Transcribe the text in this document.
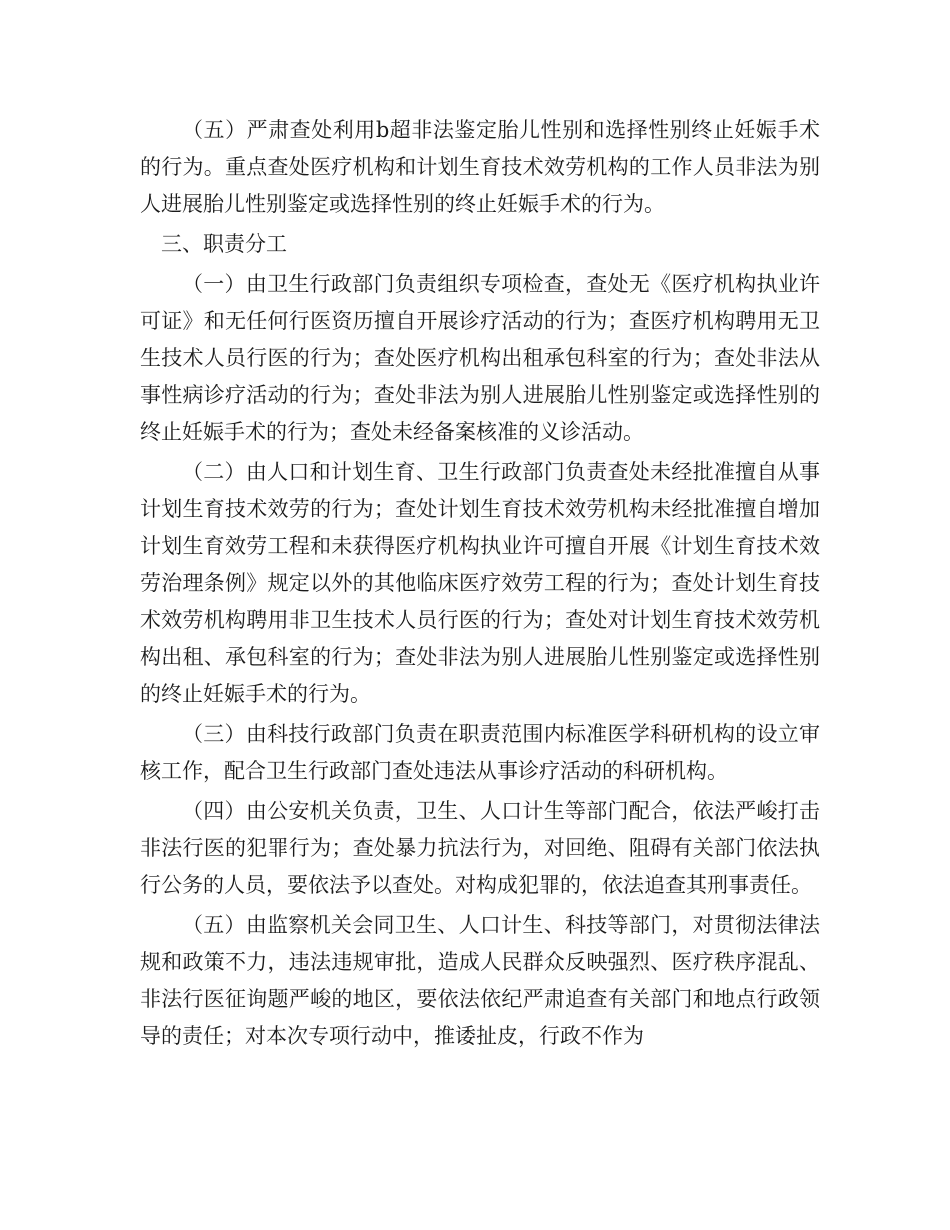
（五）严肃查处利用b超非法鉴定胎儿性别和选择性别终止妊娠手术的行为。重点查处医疗机构和计划生育技术效劳机构的工作人员非法为别人进展胎儿性别鉴定或选择性别的终止妊娠手术的行为。

三、职责分工

（一）由卫生行政部门负责组织专项检查，查处无《医疗机构执业许可证》和无任何行医资历擅自开展诊疗活动的行为；查医疗机构聘用无卫生技术人员行医的行为；查处医疗机构出租承包科室的行为；查处非法从事性病诊疗活动的行为；查处非法为别人进展胎儿性别鉴定或选择性别的终止妊娠手术的行为；查处未经备案核准的义诊活动。

（二）由人口和计划生育、卫生行政部门负责查处未经批准擅自从事计划生育技术效劳的行为；查处计划生育技术效劳机构未经批准擅自增加计划生育效劳工程和未获得医疗机构执业许可擅自开展《计划生育技术效劳治理条例》规定以外的其他临床医疗效劳工程的行为；查处计划生育技术效劳机构聘用非卫生技术人员行医的行为；查处对计划生育技术效劳机构出租、承包科室的行为；查处非法为别人进展胎儿性别鉴定或选择性别的终止妊娠手术的行为。

（三）由科技行政部门负责在职责范围内标准医学科研机构的设立审核工作，配合卫生行政部门查处违法从事诊疗活动的科研机构。

（四）由公安机关负责，卫生、人口计生等部门配合，依法严峻打击非法行医的犯罪行为；查处暴力抗法行为，对回绝、阻碍有关部门依法执行公务的人员，要依法予以查处。对构成犯罪的，依法追查其刑事责任。

（五）由监察机关会同卫生、人口计生、科技等部门，对贯彻法律法规和政策不力，违法违规审批，造成人民群众反映强烈、医疗秩序混乱、非法行医征询题严峻的地区，要依法依纪严肃追查有关部门和地点行政领导的责任；对本次专项行动中，推诿扯皮，行政不作为
